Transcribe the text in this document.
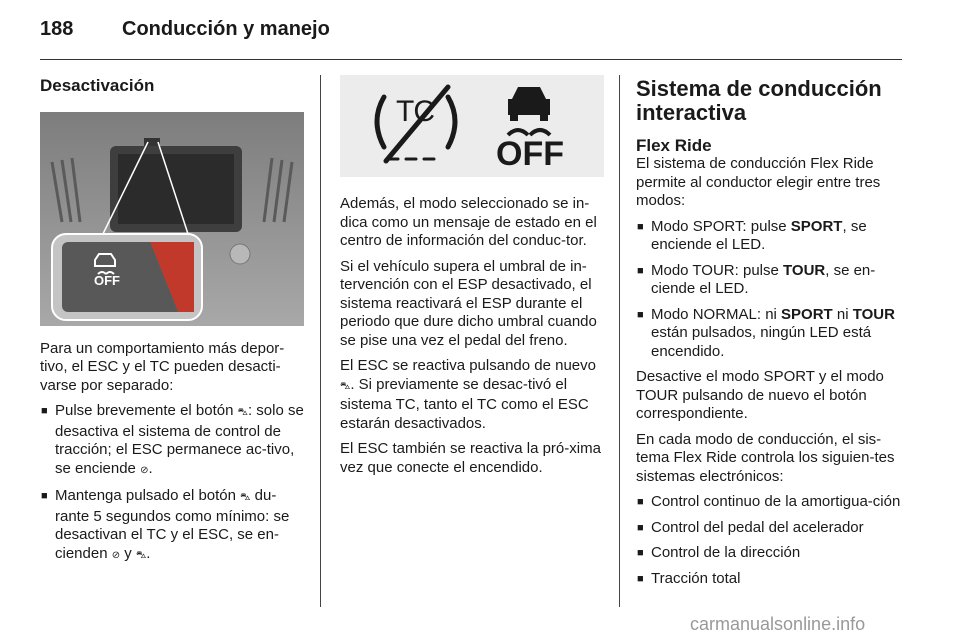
188 Conducción y manejo
Desactivación
OFF
Para un comportamiento más depor-tivo, el ESC y el TC pueden desacti-varse por separado:
■ Pulse brevemente el botón ⛍: solo se desactiva el sistema de control de tracción; el ESC permanece ac-tivo, se enciende ⊘.
■ Mantenga pulsado el botón ⛍ du-rante 5 segundos como mínimo: se desactivan el TC y el ESC, se en-cienden ⊘ y ⛍.
TC
OFF
Además, el modo seleccionado se in-dica como un mensaje de estado en el centro de información del conduc-tor.
Si el vehículo supera el umbral de in-tervención con el ESP desactivado, el sistema reactivará el ESP durante el periodo que dure dicho umbral cuando se pise una vez el pedal del freno.
El ESC se reactiva pulsando de nuevo ⛍. Si previamente se desac-tivó el sistema TC, tanto el TC como el ESC estarán desactivados.
El ESC también se reactiva la pró-xima vez que conecte el encendido.
Sistema de conducción interactiva
Flex Ride
El sistema de conducción Flex Ride permite al conductor elegir entre tres modos:
■ Modo SPORT: pulse SPORT, se enciende el LED.
■ Modo TOUR: pulse TOUR, se en-ciende el LED.
■ Modo NORMAL: ni SPORT ni TOUR están pulsados, ningún LED está encendido.
Desactive el modo SPORT y el modo TOUR pulsando de nuevo el botón correspondiente.
En cada modo de conducción, el sis-tema Flex Ride controla los siguien-tes sistemas electrónicos:
■ Control continuo de la amortigua-ción
■ Control del pedal del acelerador
■ Control de la dirección
■ Tracción total
carmanualsonline.info
